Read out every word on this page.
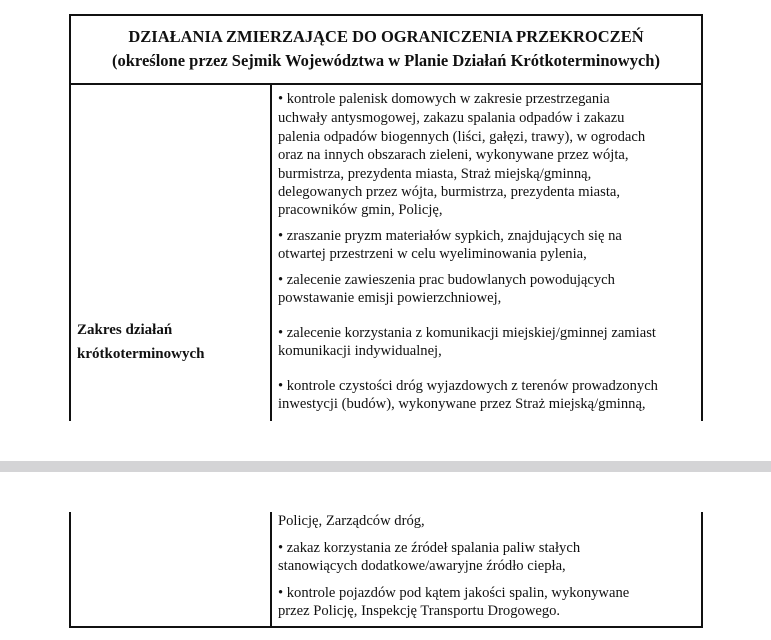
DZIAŁANIA ZMIERZAJĄCE DO OGRANICZENIA PRZEKROCZEŃ
(określone przez Sejmik Województwa w Planie Działań Krótkoterminowych)
Zakres działań
krótkoterminowych
• kontrole palenisk domowych w zakresie przestrzegania
uchwały antysmogowej, zakazu spalania odpadów i zakazu
palenia odpadów biogennych (liści, gałęzi, trawy), w ogrodach
oraz na innych obszarach zieleni, wykonywane przez wójta,
burmistrza, prezydenta miasta, Straż miejską/gminną,
delegowanych przez wójta, burmistrza, prezydenta miasta,
pracowników gmin, Policję,
• zraszanie pryzm materiałów sypkich, znajdujących się na
otwartej przestrzeni w celu wyeliminowania pylenia,
• zalecenie zawieszenia prac budowlanych powodujących
powstawanie emisji powierzchniowej,
• zalecenie korzystania z komunikacji miejskiej/gminnej zamiast
komunikacji indywidualnej,
• kontrole czystości dróg wyjazdowych z terenów prowadzonych
inwestycji (budów), wykonywane przez Straż miejską/gminną,
Policję, Zarządców dróg,
• zakaz korzystania ze źródeł spalania paliw stałych
stanowiących dodatkowe/awaryjne źródło ciepła,
• kontrole pojazdów pod kątem jakości spalin, wykonywane
przez Policję, Inspekcję Transportu Drogowego.
